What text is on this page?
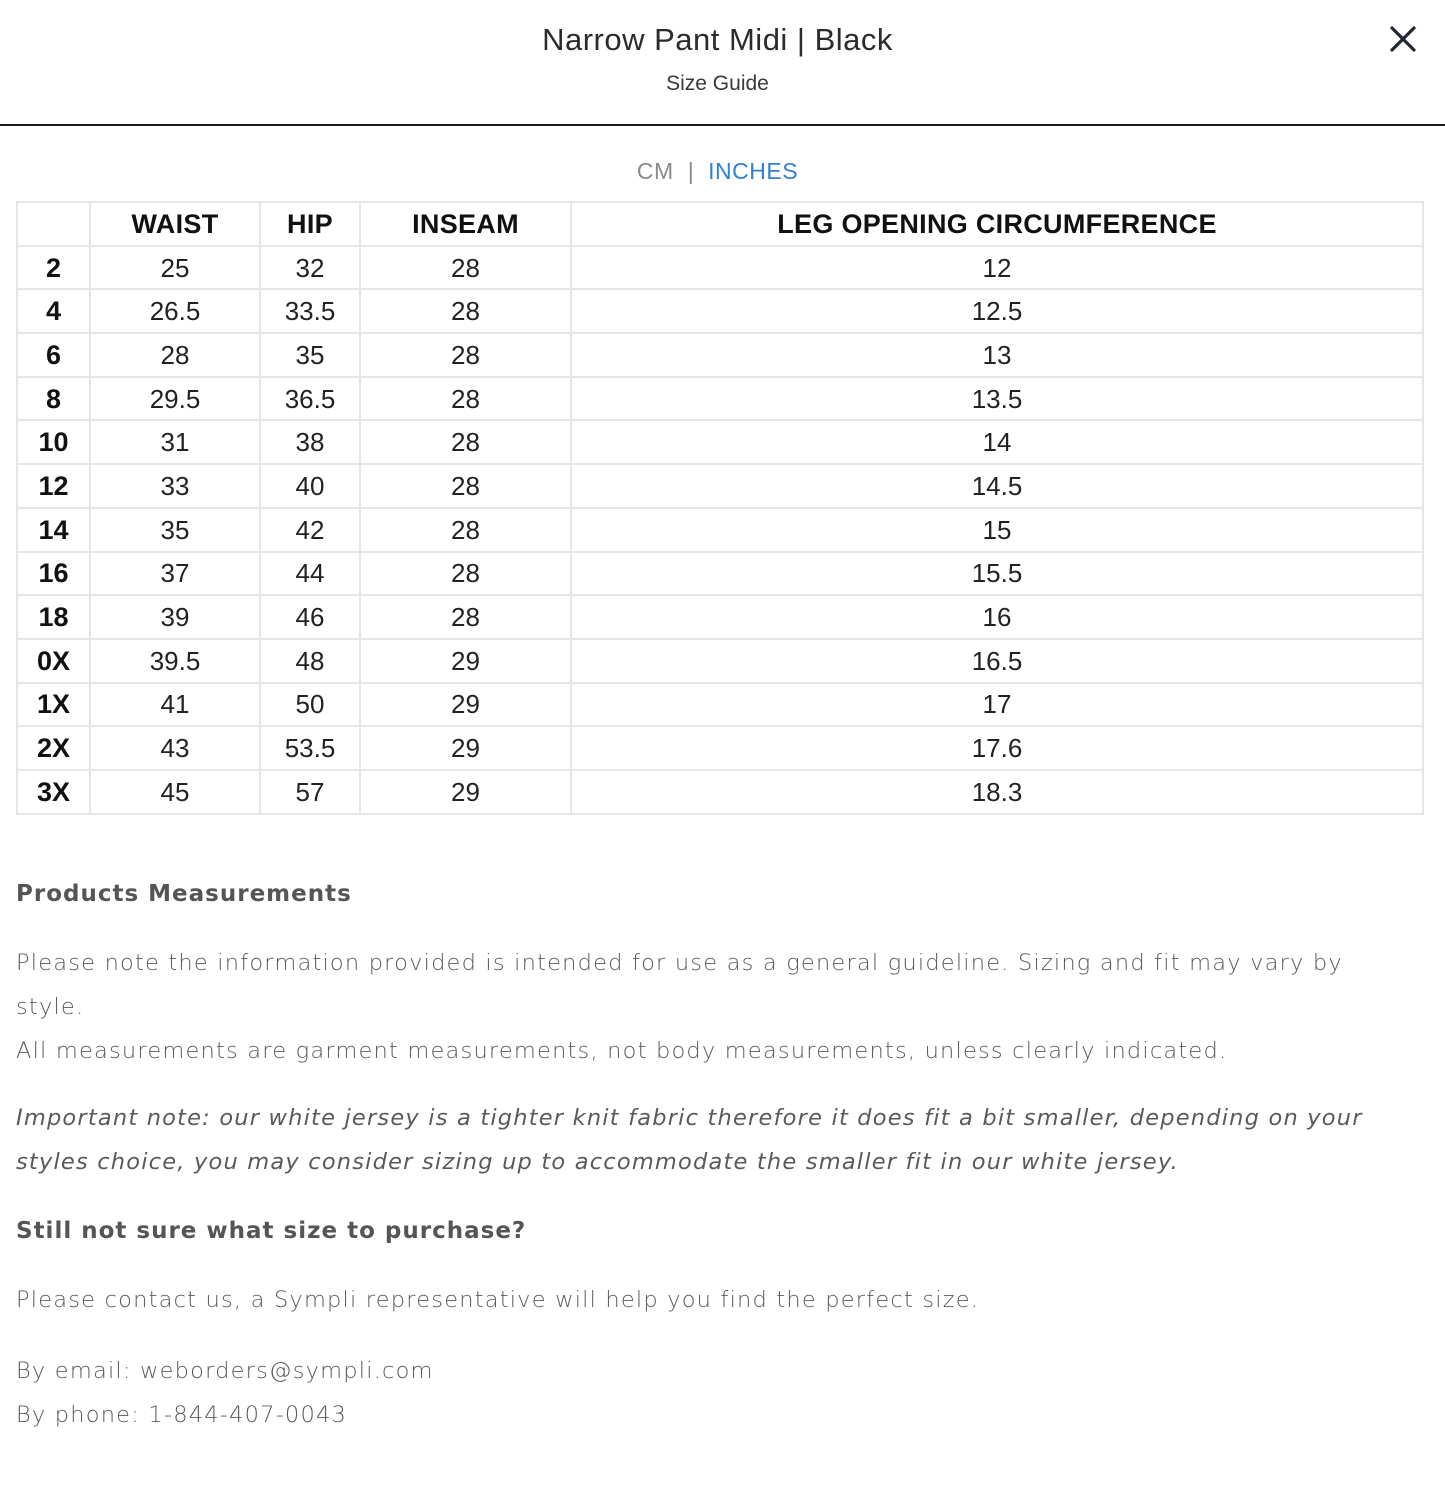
Narrow Pant Midi | Black
Size Guide
CM | INCHES
	WAIST	HIP	INSEAM	LEG OPENING CIRCUMFERENCE
2	25	32	28	12
4	26.5	33.5	28	12.5
6	28	35	28	13
8	29.5	36.5	28	13.5
10	31	38	28	14
12	33	40	28	14.5
14	35	42	28	15
16	37	44	28	15.5
18	39	46	28	16
0X	39.5	48	29	16.5
1X	41	50	29	17
2X	43	53.5	29	17.6
3X	45	57	29	18.3
Products Measurements

Please note the information provided is intended for use as a general guideline. Sizing and fit may vary by style.

All measurements are garment measurements, not body measurements, unless clearly indicated.

Important note: our white jersey is a tighter knit fabric therefore it does fit a bit smaller, depending on your styles choice, you may consider sizing up to accommodate the smaller fit in our white jersey.

Still not sure what size to purchase?

Please contact us, a Sympli representative will help you find the perfect size.

By email: weborders@sympli.com

By phone: 1-844-407-0043
